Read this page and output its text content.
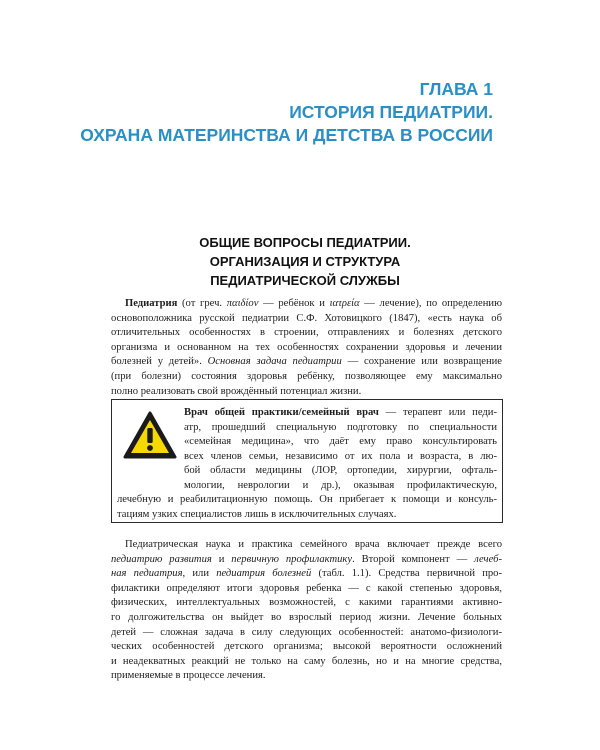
ГЛАВА 1
ИСТОРИЯ ПЕДИАТРИИ.
ОХРАНА МАТЕРИНСТВА И ДЕТСТВА В РОССИИ
ОБЩИЕ ВОПРОСЫ ПЕДИАТРИИ.
ОРГАНИЗАЦИЯ И СТРУКТУРА
ПЕДИАТРИЧЕСКОЙ СЛУЖБЫ
Педиатрия (от греч. παιδίον — ребёнок и ιατρεία — лечение), по определению
основоположника русской педиатрии С.Ф. Хотовицкого (1847), «есть наука об
отличительных особенностях в строении, отправлениях и болезнях детского
организма и основанном на тех особенностях сохранении здоровья и лечении
болезней у детей». Основная задача педиатрии — сохранение или возвращение
(при болезни) состояния здоровья ребёнку, позволяющее ему максимально
полно реализовать свой врождённый потенциал жизни.
Врач общей практики/семейный врач — терапевт или педи-
атр, прошедший специальную подготовку по специальности
«семейная медицина», что даёт ему право консультировать
всех членов семьи, независимо от их пола и возраста, в лю-
бой области медицины (ЛОР, ортопедии, хирургии, офталь-
мологии, неврологии и др.), оказывая профилактическую,
лечебную и реабилитационную помощь. Он прибегает к помощи и консуль-
тациям узких специалистов лишь в исключительных случаях.
Педиатрическая наука и практика семейного врача включает прежде всего
педиатрию развития и первичную профилактику. Второй компонент — лечеб-
ная педиатрия, или педиатрия болезней (табл. 1.1). Средства первичной про-
филактики определяют итоги здоровья ребенка — с какой степенью здоровья,
физических, интеллектуальных возможностей, с какими гарантиями активно-
го долгожительства он выйдет во взрослый период жизни. Лечение больных
детей — сложная задача в силу следующих особенностей: анатомо-физиологи-
ческих особенностей детского организма; высокой вероятности осложнений
и неадекватных реакций не только на саму болезнь, но и на многие средства,
применяемые в процессе лечения.
